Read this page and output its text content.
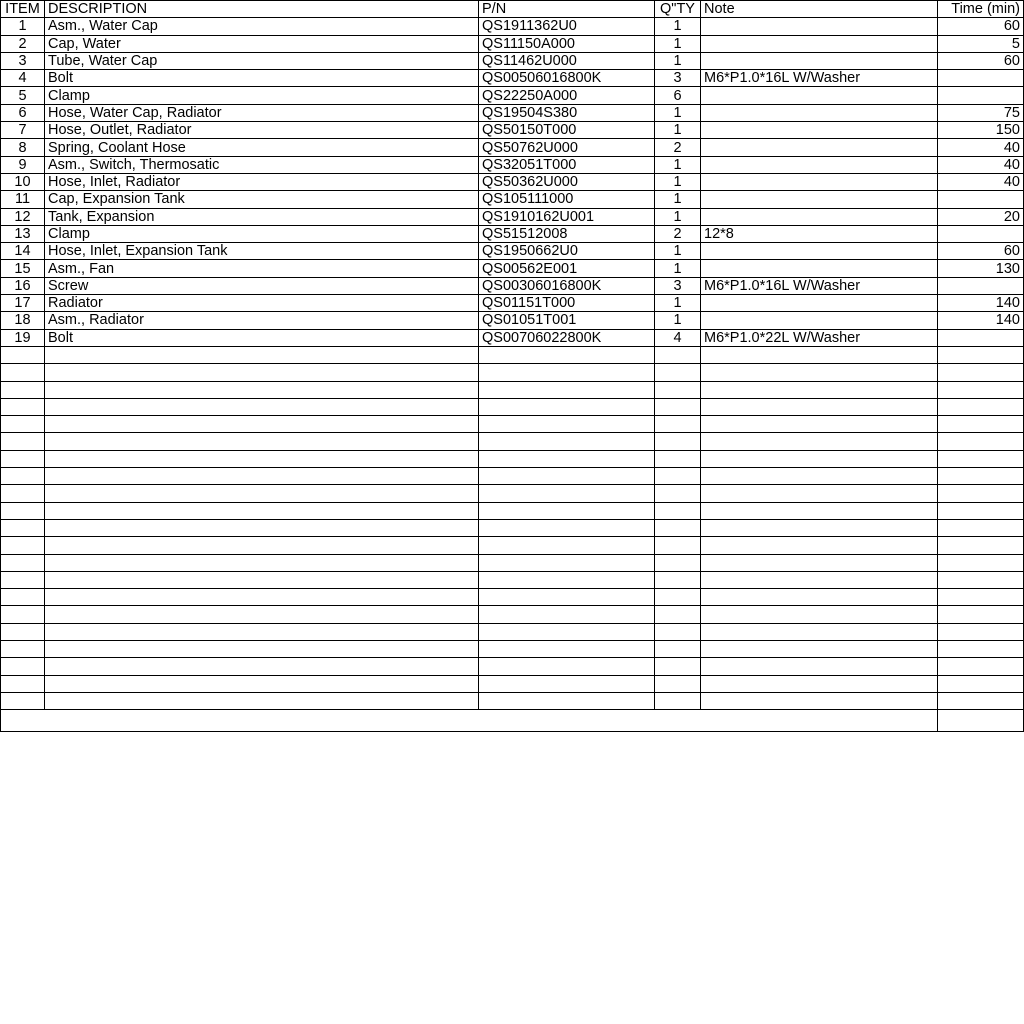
ITEM	DESCRIPTION	P/N	Q"TY	Note	Time (min)
1	Asm., Water Cap	QS1911362U0	1		60
2	Cap, Water	QS11150A000	1		5
3	Tube, Water Cap	QS11462U000	1		60
4	Bolt	QS00506016800K	3	M6*P1.0*16L W/Washer	
5	Clamp	QS22250A000	6		
6	Hose, Water Cap, Radiator	QS19504S380	1		75
7	Hose, Outlet, Radiator	QS50150T000	1		150
8	Spring, Coolant Hose	QS50762U000	2		40
9	Asm., Switch, Thermosatic	QS32051T000	1		40
10	Hose, Inlet, Radiator	QS50362U000	1		40
11	Cap, Expansion Tank	QS105111000	1		
12	Tank, Expansion	QS1910162U001	1		20
13	Clamp	QS51512008	2	12*8	
14	Hose, Inlet, Expansion Tank	QS1950662U0	1		60
15	Asm., Fan	QS00562E001	1		130
16	Screw	QS00306016800K	3	M6*P1.0*16L W/Washer	
17	Radiator	QS01151T000	1		140
18	Asm., Radiator	QS01051T001	1		140
19	Bolt	QS00706022800K	4	M6*P1.0*22L W/Washer	
